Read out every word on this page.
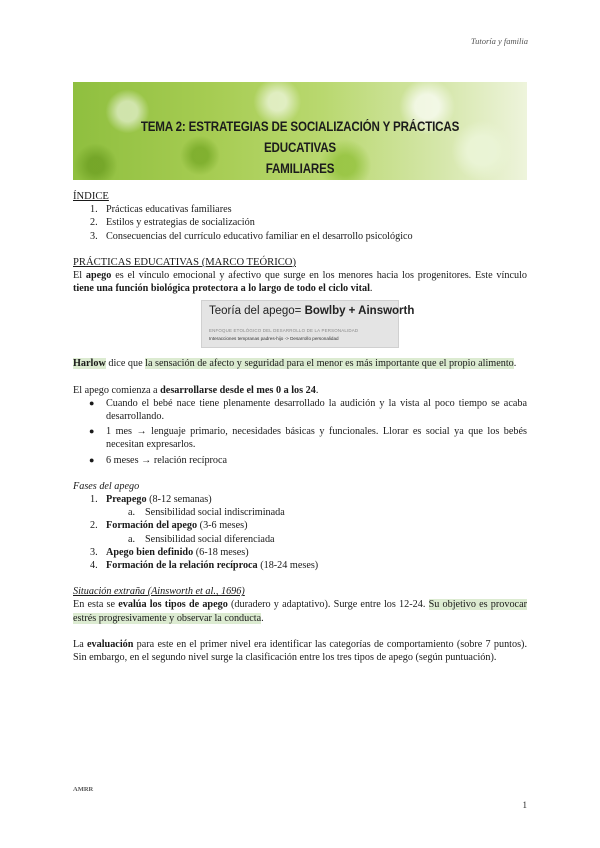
Tutoría y familia
TEMA 2: ESTRATEGIAS DE SOCIALIZACIÓN Y PRÁCTICAS EDUCATIVAS
FAMILIARES
ÍNDICE
1. Prácticas educativas familiares
2. Estilos y estrategias de socialización
3. Consecuencias del currículo educativo familiar en el desarrollo psicológico
PRÁCTICAS EDUCATIVAS (MARCO TEÓRICO)
El apego es el vínculo emocional y afectivo que surge en los menores hacia los progenitores. Este vínculo tiene una función biológica protectora a lo largo de todo el ciclo vital.
Teoría del apego= Bowlby + Ainsworth
ENFOQUE ETOLÓGICO DEL DESARROLLO DE LA PERSONALIDAD
Interacciones tempranas padres-hijo -> Desarrollo personalidad
Harlow dice que la sensación de afecto y seguridad para el menor es más importante que el propio alimento.
El apego comienza a desarrollarse desde el mes 0 a los 24.
● Cuando el bebé nace tiene plenamente desarrollado la audición y la vista al poco tiempo se acaba desarrollando.
● 1 mes → lenguaje primario, necesidades básicas y funcionales. Llorar es social ya que los bebés necesitan expresarlos.
● 6 meses → relación recíproca
Fases del apego
1. Preapego (8-12 semanas)
a. Sensibilidad social indiscriminada
2. Formación del apego (3-6 meses)
a. Sensibilidad social diferenciada
3. Apego bien definido (6-18 meses)
4. Formación de la relación recíproca (18-24 meses)
Situación extraña (Ainsworth et al., 1696)
En esta se evalúa los tipos de apego (duradero y adaptativo). Surge entre los 12-24. Su objetivo es provocar estrés progresivamente y observar la conducta.
La evaluación para este en el primer nivel era identificar las categorías de comportamiento (sobre 7 puntos). Sin embargo, en el segundo nivel surge la clasificación entre los tres tipos de apego (según puntuación).
AMRR
1
